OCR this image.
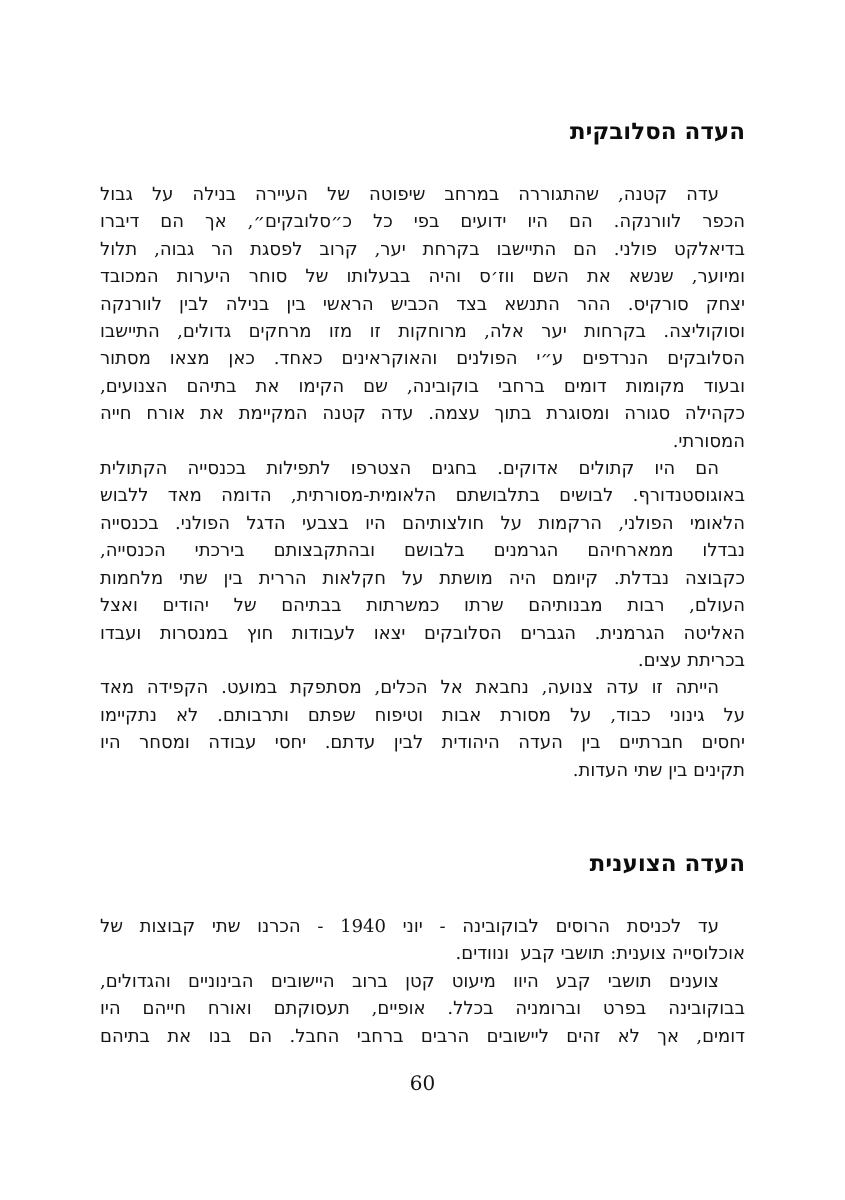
העדה הסלובקית
עדה קטנה, שהתגוררה במרחב שיפוטה של העיירה בנילה על גבול
הכפר לוורנקה. הם היו ידועים בפי כל כ״סלובקים״, אך הם דיברו
בדיאלקט פולני. הם התיישבו בקרחת יער, קרוב לפסגת הר גבוה, תלול
ומיוער, שנשא את השם ווז׳ס והיה בבעלותו של סוחר היערות המכובד
יצחק סורקיס. ההר התנשא בצד הכביש הראשי בין בנילה לבין לוורנקה
וסוקוליצה. בקרחות יער אלה, מרוחקות זו מזו מרחקים גדולים, התיישבו
הסלובקים הנרדפים ע״י הפולנים והאוקראינים כאחד. כאן מצאו מסתור
ובעוד מקומות דומים ברחבי בוקובינה, שם הקימו את בתיהם הצנועים,
כקהילה סגורה ומסוגרת בתוך עצמה. עדה קטנה המקיימת את אורח חייה
המסורתי.
הם היו קתולים אדוקים. בחגים הצטרפו לתפילות בכנסייה הקתולית
באוגוסטנדורף. לבושים בתלבושתם הלאומית-מסורתית, הדומה מאד ללבוש
הלאומי הפולני, הרקמות על חולצותיהם היו בצבעי הדגל הפולני. בכנסייה
נבדלו ממארחיהם הגרמנים בלבושם ובהתקבצותם בירכתי הכנסייה,
כקבוצה נבדלת. קיומם היה מושתת על חקלאות הררית בין שתי מלחמות
העולם, רבות מבנותיהם שרתו כמשרתות בבתיהם של יהודים ואצל
האליטה הגרמנית. הגברים הסלובקים יצאו לעבודות חוץ במנסרות ועבדו
בכריתת עצים.
הייתה זו עדה צנועה, נחבאת אל הכלים, מסתפקת במועט. הקפידה מאד
על גינוני כבוד, על מסורת אבות וטיפוח שפתם ותרבותם. לא נתקיימו
יחסים חברתיים בין העדה היהודית לבין עדתם. יחסי עבודה ומסחר היו
תקינים בין שתי העדות.
העדה הצוענית
עד לכניסת הרוסים לבוקובינה - יוני 1940 - הכרנו שתי קבוצות של
אוכלוסייה צוענית: תושבי קבע  ונוודים.
צוענים תושבי קבע היוו מיעוט קטן ברוב היישובים הבינוניים והגדולים,
בבוקובינה בפרט וברומניה בכלל. אופיים, תעסוקתם ואורח חייהם היו
דומים, אך לא זהים ליישובים הרבים ברחבי החבל. הם בנו את בתיהם
60
